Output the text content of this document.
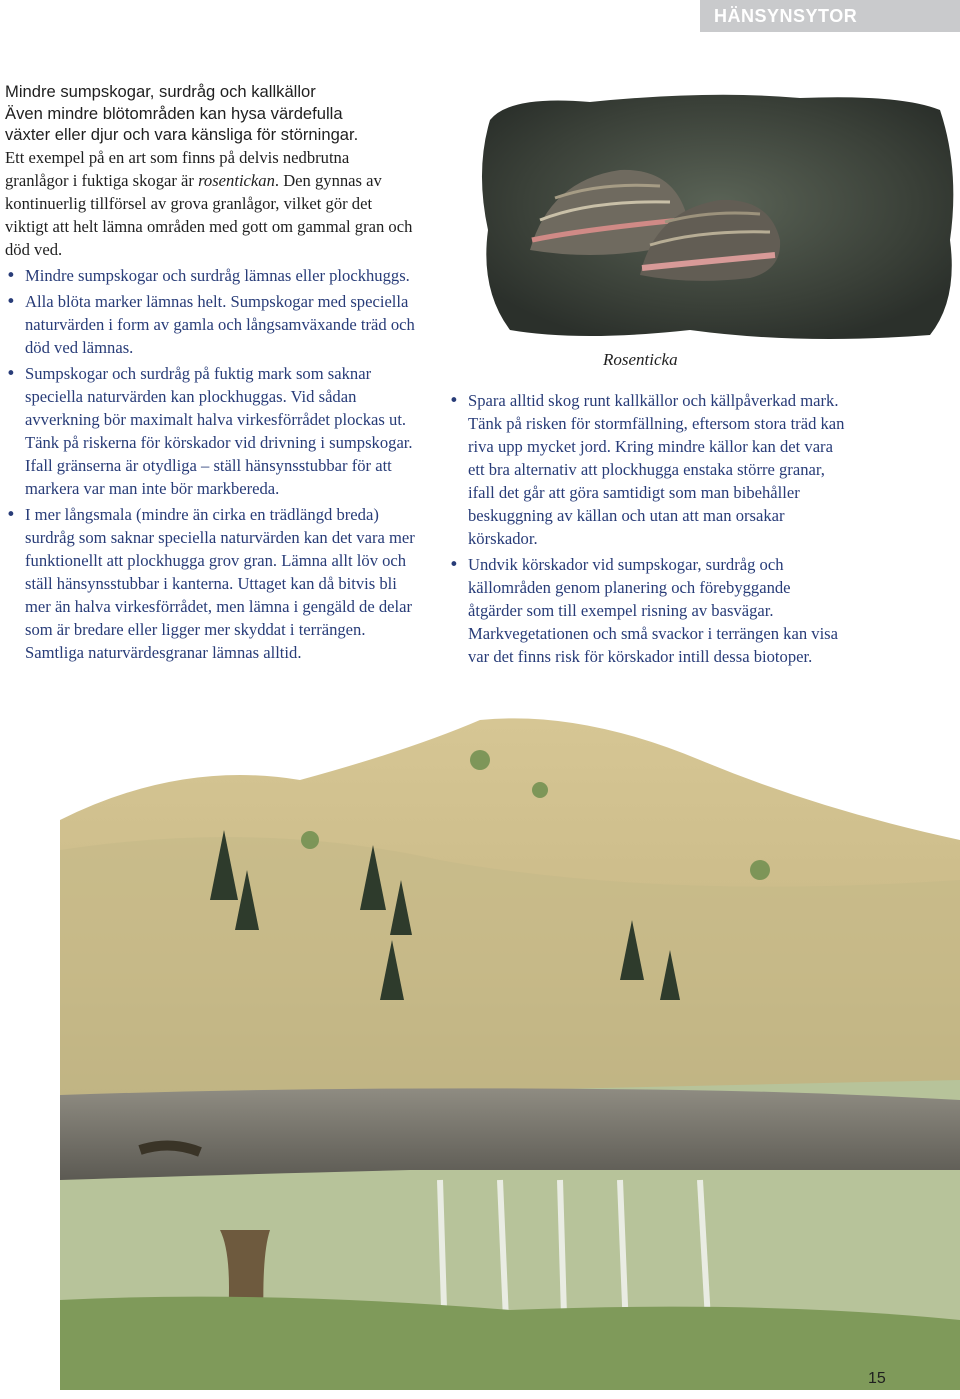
HÄNSYNSYTOR

Mindre sumpskogar, surdråg och kallkällor

Även mindre blötområden kan hysa värdefulla

växter eller djur och vara känsliga för störningar.

Ett exempel på en art som finns på delvis nedbrutna granlågor i fuktiga skogar är rosentickan. Den gynnas av kontinuerlig tillförsel av grova granlågor, vilket gör det viktigt att helt lämna områden med gott om gammal gran och död ved.

• Mindre sumpskogar och surdråg lämnas eller plockhuggs.
• Alla blöta marker lämnas helt. Sumpskogar med speciella naturvärden i form av gamla och långsamväxande träd och död ved lämnas.
• Sumpskogar och surdråg på fuktig mark som saknar speciella naturvärden kan plockhuggas. Vid sådan avverkning bör maximalt halva virkesförrådet plockas ut. Tänk på riskerna för körskador vid drivning i sumpskogar. Ifall gränserna är otydliga – ställ hänsynsstubbar för att markera var man inte bör markbereda.
• I mer långsmala (mindre än cirka en trädlängd breda) surdråg som saknar speciella naturvärden kan det vara mer funktionellt att plockhugga grov gran. Lämna allt löv och ställ hänsynsstubbar i kanterna. Uttaget kan då bitvis bli mer än halva virkesförrådet, men lämna i gengäld de delar som är bredare eller ligger mer skyddat i terrängen. Samtliga naturvärdesgranar lämnas alltid.

Rosenticka

• Spara alltid skog runt kallkällor och källpåverkad mark. Tänk på risken för stormfällning, eftersom stora träd kan riva upp mycket jord. Kring mindre källor kan det vara ett bra alternativ att plockhugga enstaka större granar, ifall det går att göra samtidigt som man bibehåller beskuggning av källan och utan att man orsakar körskador.
• Undvik körskador vid sumpskogar, surdråg och källområden genom planering och förebyggande åtgärder som till exempel risning av basvägar. Markvegetationen och små svackor i terrängen kan visa var det finns risk för körskador intill dessa biotoper.

15
